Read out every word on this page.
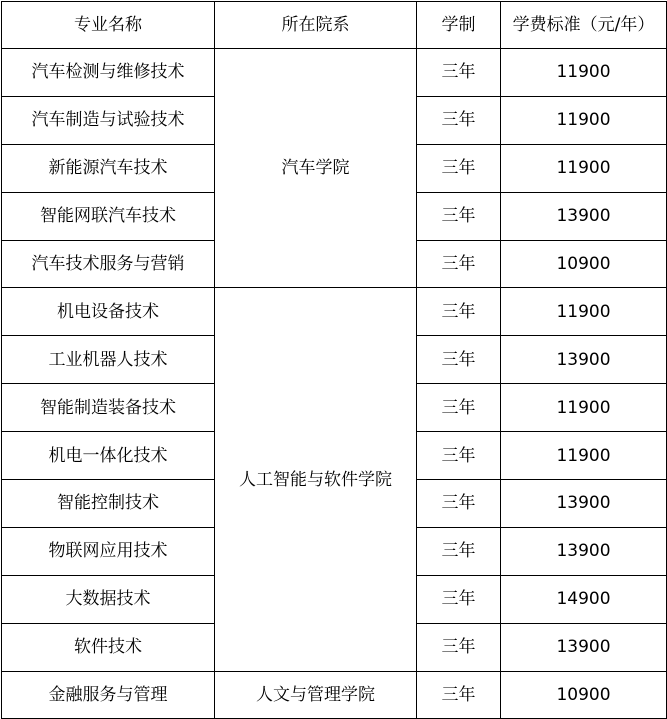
专业名称	所在院系	学制	学费标准（元/年）
汽车检测与维修技术	汽车学院	三年	11900
汽车制造与试验技术		三年	11900
新能源汽车技术		三年	11900
智能网联汽车技术		三年	13900
汽车技术服务与营销		三年	10900
机电设备技术	人工智能与软件学院	三年	11900
工业机器人技术		三年	13900
智能制造装备技术		三年	11900
机电一体化技术		三年	11900
智能控制技术		三年	13900
物联网应用技术		三年	13900
大数据技术		三年	14900
软件技术		三年	13900
金融服务与管理	人文与管理学院	三年	10900
